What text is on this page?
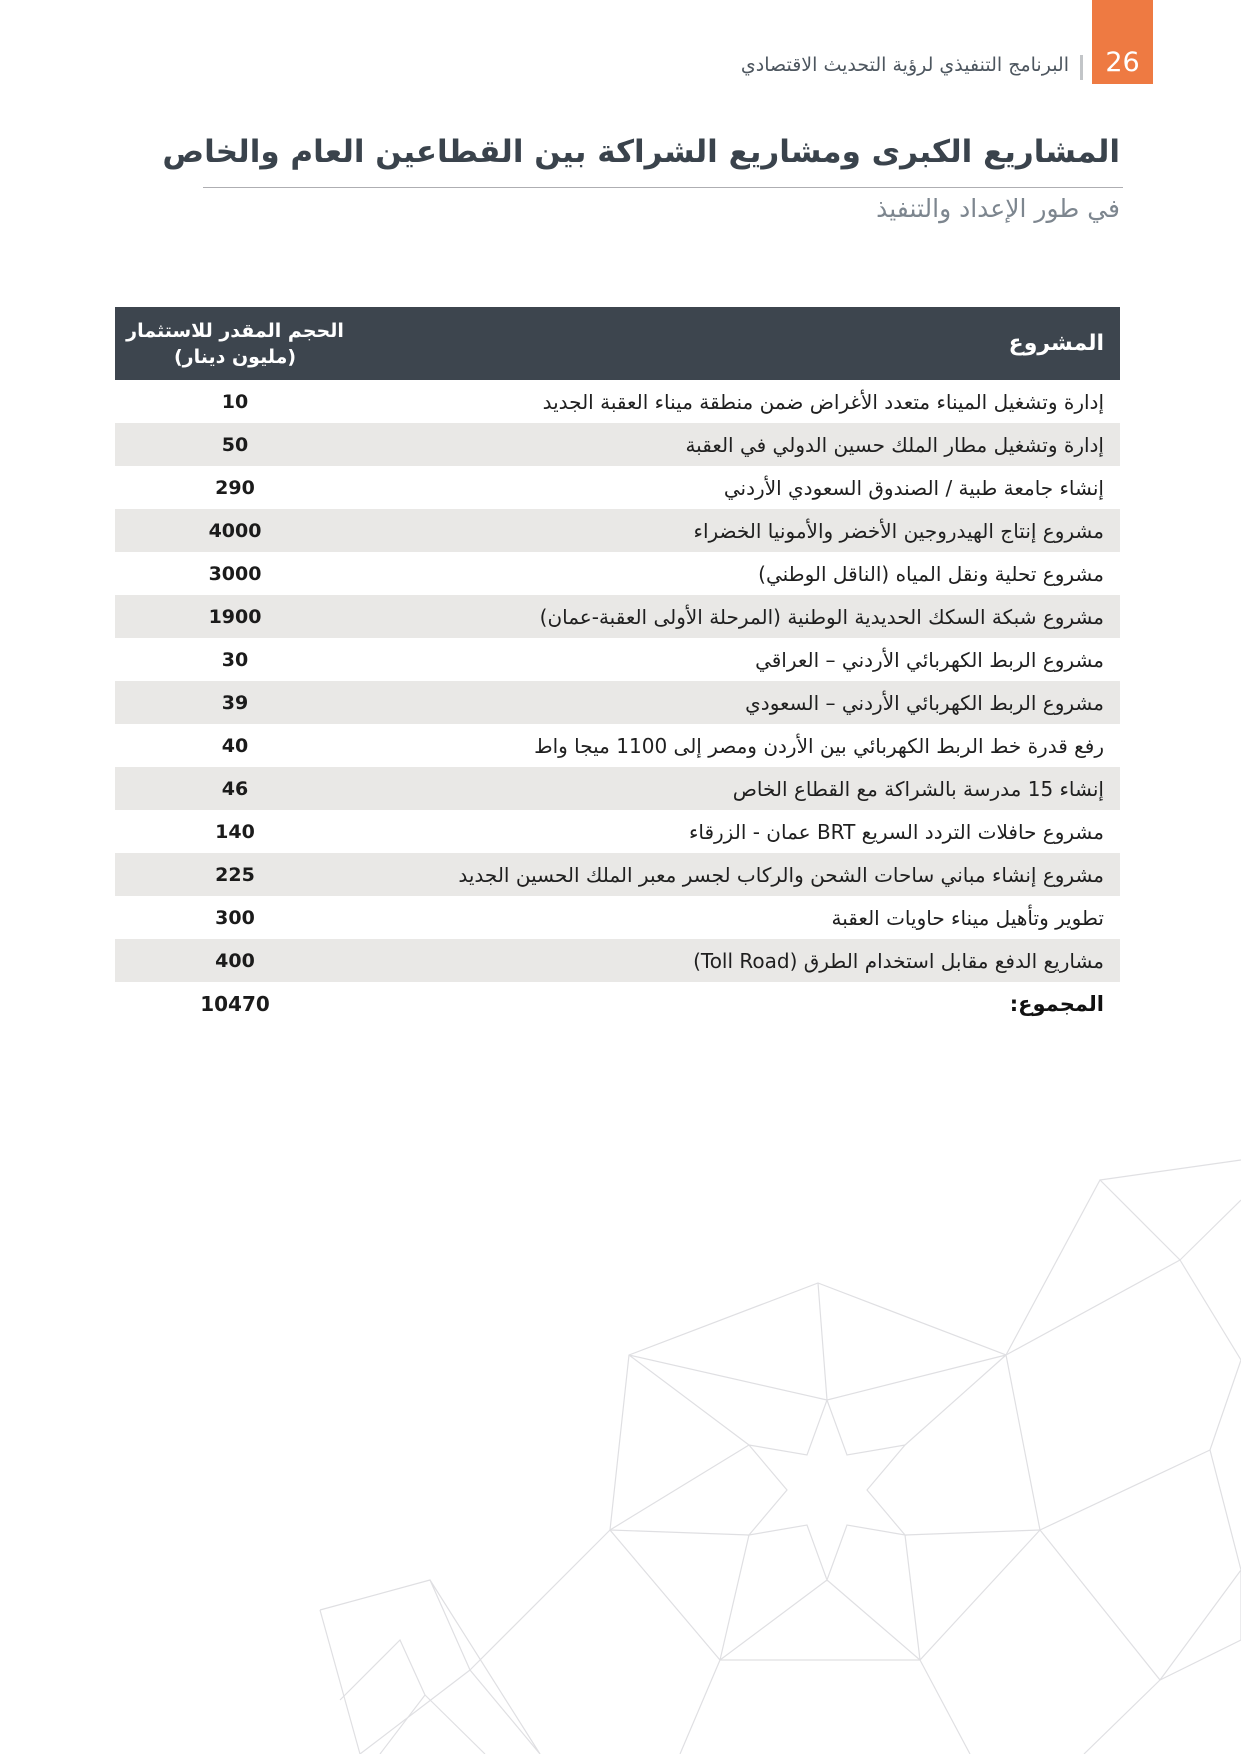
26
البرنامج التنفيذي لرؤية التحديث الاقتصادي
المشاريع الكبرى ومشاريع الشراكة بين القطاعين العام والخاص
في طور الإعداد والتنفيذ
المشروع
الحجم المقدر للاستثمار
(مليون دينار)
إدارة وتشغيل الميناء متعدد الأغراض ضمن منطقة ميناء العقبة الجديد
10
إدارة وتشغيل مطار الملك حسين الدولي في العقبة
50
إنشاء جامعة طبية / الصندوق السعودي الأردني
290
مشروع إنتاج الهيدروجين الأخضر والأمونيا الخضراء
4000
مشروع تحلية ونقل المياه (الناقل الوطني)
3000
مشروع شبكة السكك الحديدية الوطنية (المرحلة الأولى العقبة-عمان)
1900
مشروع الربط الكهربائي الأردني – العراقي
30
مشروع الربط الكهربائي الأردني – السعودي
39
رفع قدرة خط الربط الكهربائي بين الأردن ومصر إلى 1100 ميجا واط
40
إنشاء 15 مدرسة بالشراكة مع القطاع الخاص
46
مشروع حافلات التردد السريع BRT عمان - الزرقاء
140
مشروع إنشاء مباني ساحات الشحن والركاب لجسر معبر الملك الحسين الجديد
225
تطوير وتأهيل ميناء حاويات العقبة
300
مشاريع الدفع مقابل استخدام الطرق (Toll Road)
400
المجموع:
10470
